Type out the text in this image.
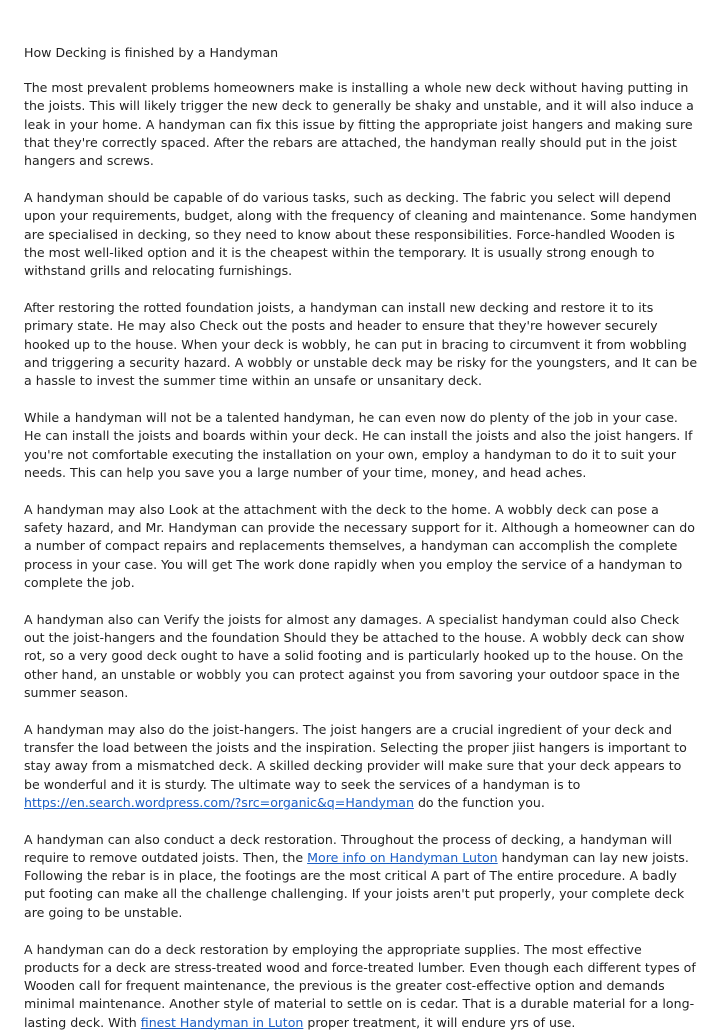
How Decking is finished by a Handyman

The most prevalent problems homeowners make is installing a whole new deck without having putting in the joists. This will likely trigger the new deck to generally be shaky and unstable, and it will also induce a leak in your home. A handyman can fix this issue by fitting the appropriate joist hangers and making sure that they're correctly spaced. After the rebars are attached, the handyman really should put in the joist hangers and screws.

A handyman should be capable of do various tasks, such as decking. The fabric you select will depend upon your requirements, budget, along with the frequency of cleaning and maintenance. Some handymen are specialised in decking, so they need to know about these responsibilities. Force-handled Wooden is the most well-liked option and it is the cheapest within the temporary. It is usually strong enough to withstand grills and relocating furnishings.

After restoring the rotted foundation joists, a handyman can install new decking and restore it to its primary state. He may also Check out the posts and header to ensure that they're however securely hooked up to the house. When your deck is wobbly, he can put in bracing to circumvent it from wobbling and triggering a security hazard. A wobbly or unstable deck may be risky for the youngsters, and It can be a hassle to invest the summer time within an unsafe or unsanitary deck.

While a handyman will not be a talented handyman, he can even now do plenty of the job in your case. He can install the joists and boards within your deck. He can install the joists and also the joist hangers. If you're not comfortable executing the installation on your own, employ a handyman to do it to suit your needs. This can help you save you a large number of your time, money, and head aches.

A handyman may also Look at the attachment with the deck to the home. A wobbly deck can pose a safety hazard, and Mr. Handyman can provide the necessary support for it. Although a homeowner can do a number of compact repairs and replacements themselves, a handyman can accomplish the complete process in your case. You will get The work done rapidly when you employ the service of a handyman to complete the job.

A handyman also can Verify the joists for almost any damages. A specialist handyman could also Check out the joist-hangers and the foundation Should they be attached to the house. A wobbly deck can show rot, so a very good deck ought to have a solid footing and is particularly hooked up to the house. On the other hand, an unstable or wobbly you can protect against you from savoring your outdoor space in the summer season.

A handyman may also do the joist-hangers. The joist hangers are a crucial ingredient of your deck and transfer the load between the joists and the inspiration. Selecting the proper jiist hangers is important to stay away from a mismatched deck. A skilled decking provider will make sure that your deck appears to be wonderful and it is sturdy. The ultimate way to seek the services of a handyman is to https://en.search.wordpress.com/?src=organic&q=Handyman do the function you.

A handyman can also conduct a deck restoration. Throughout the process of decking, a handyman will require to remove outdated joists. Then, the More info on Handyman Luton handyman can lay new joists. Following the rebar is in place, the footings are the most critical A part of The entire procedure. A badly put footing can make all the challenge challenging. If your joists aren't put properly, your complete deck are going to be unstable.

A handyman can do a deck restoration by employing the appropriate supplies. The most effective products for a deck are stress-treated wood and force-treated lumber. Even though each different types of Wooden call for frequent maintenance, the previous is the greater cost-effective option and demands minimal maintenance. Another style of material to settle on is cedar. That is a durable material for a long-lasting deck. With finest Handyman in Luton proper treatment, it will endure yrs of use.
